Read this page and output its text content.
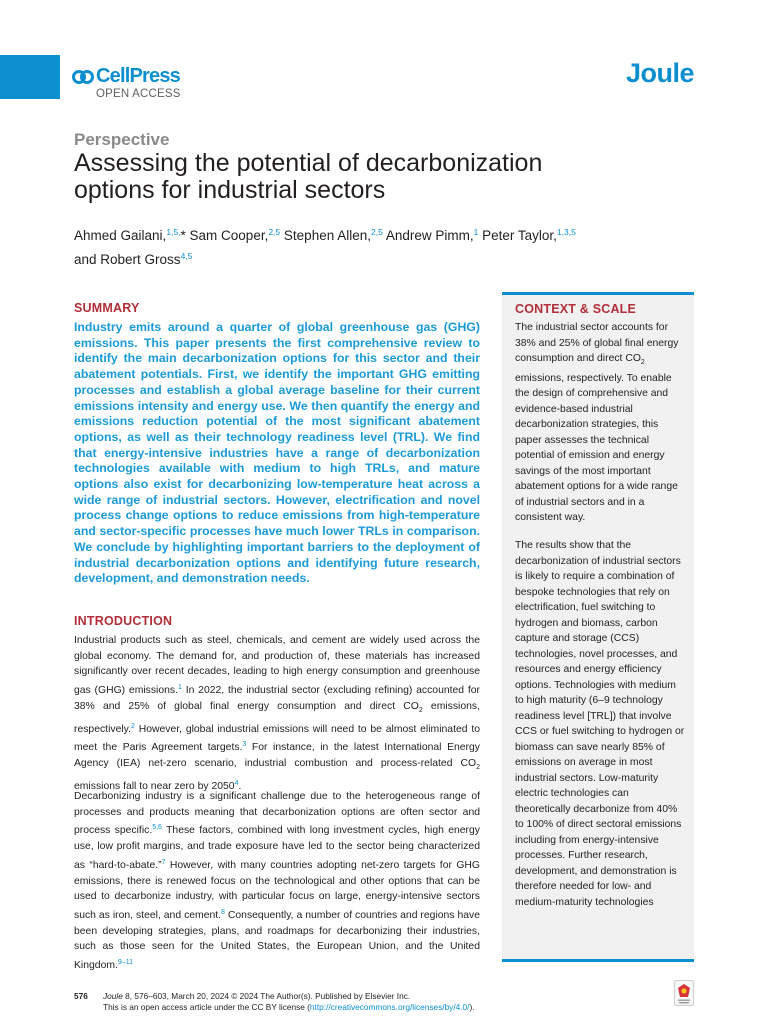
CellPress
OPEN ACCESS
Joule
Perspective
Assessing the potential of decarbonization options for industrial sectors
Ahmed Gailani,$^{1,5,}$* Sam Cooper,$^{2,5}$ Stephen Allen,$^{2,5}$ Andrew Pimm,$^1$ Peter Taylor,$^{1,3,5}$
and Robert Gross$^{4,5}$
SUMMARY

Industry emits around a quarter of global greenhouse gas (GHG) emissions. This paper presents the first comprehensive review to identify the main decarbonization options for this sector and their abatement potentials. First, we identify the important GHG emitting processes and establish a global average baseline for their current emissions intensity and energy use. We then quantify the energy and emissions reduction potential of the most significant abatement options, as well as their technology readiness level (TRL). We find that energy-intensive industries have a range of decarbonization technologies available with medium to high TRLs, and mature options also exist for decarbonizing low-temperature heat across a wide range of industrial sectors. However, electrification and novel process change options to reduce emissions from high-temperature and sector-specific processes have much lower TRLs in comparison. We conclude by highlighting important barriers to the deployment of industrial decarbonization options and identifying future research, development, and demonstration needs.

INTRODUCTION

Industrial products such as steel, chemicals, and cement are widely used across the global economy. The demand for, and production of, these materials has increased significantly over recent decades, leading to high energy consumption and greenhouse gas (GHG) emissions.$^1$ In 2022, the industrial sector (excluding refining) accounted for 38% and 25% of global final energy consumption and direct $CO_2$ emissions, respectively.$^2$ However, global industrial emissions will need to be almost eliminated to meet the Paris Agreement targets.$^3$ For instance, in the latest International Energy Agency (IEA) net-zero scenario, industrial combustion and process-related $CO_2$ emissions fall to near zero by 2050$^4$.

Decarbonizing industry is a significant challenge due to the heterogeneous range of processes and products meaning that decarbonization options are often sector and process specific.$^{5,6}$ These factors, combined with long investment cycles, high energy use, low profit margins, and trade exposure have led to the sector being characterized as “hard-to-abate.”$^7$ However, with many countries adopting net-zero targets for GHG emissions, there is renewed focus on the technological and other options that can be used to decarbonize industry, with particular focus on large, energy-intensive sectors such as iron, steel, and cement.$^8$ Consequently, a number of countries and regions have been developing strategies, plans, and roadmaps for decarbonizing their industries, such as those seen for the United States, the European Union, and the United Kingdom.$^{9-11}$

CONTEXT & SCALE

The industrial sector accounts for 38% and 25% of global final energy consumption and direct $CO_2$ emissions, respectively. To enable the design of comprehensive and evidence-based industrial decarbonization strategies, this paper assesses the technical potential of emission and energy savings of the most important abatement options for a wide range of industrial sectors and in a consistent way.

The results show that the decarbonization of industrial sectors is likely to require a combination of bespoke technologies that rely on electrification, fuel switching to hydrogen and biomass, carbon capture and storage (CCS) technologies, novel processes, and resources and energy efficiency options. Technologies with medium to high maturity (6–9 technology readiness level [TRL]) that involve CCS or fuel switching to hydrogen or biomass can save nearly 85% of emissions on average in most industrial sectors. Low-maturity electric technologies can theoretically decarbonize from 40% to 100% of direct sectoral emissions including from energy-intensive processes. Further research, development, and demonstration is therefore needed for low- and medium-maturity technologies

576 Joule 8, 576–603, March 20, 2024 © 2024 The Author(s). Published by Elsevier Inc.
This is an open access article under the CC BY license (http://creativecommons.org/licenses/by/4.0/).
